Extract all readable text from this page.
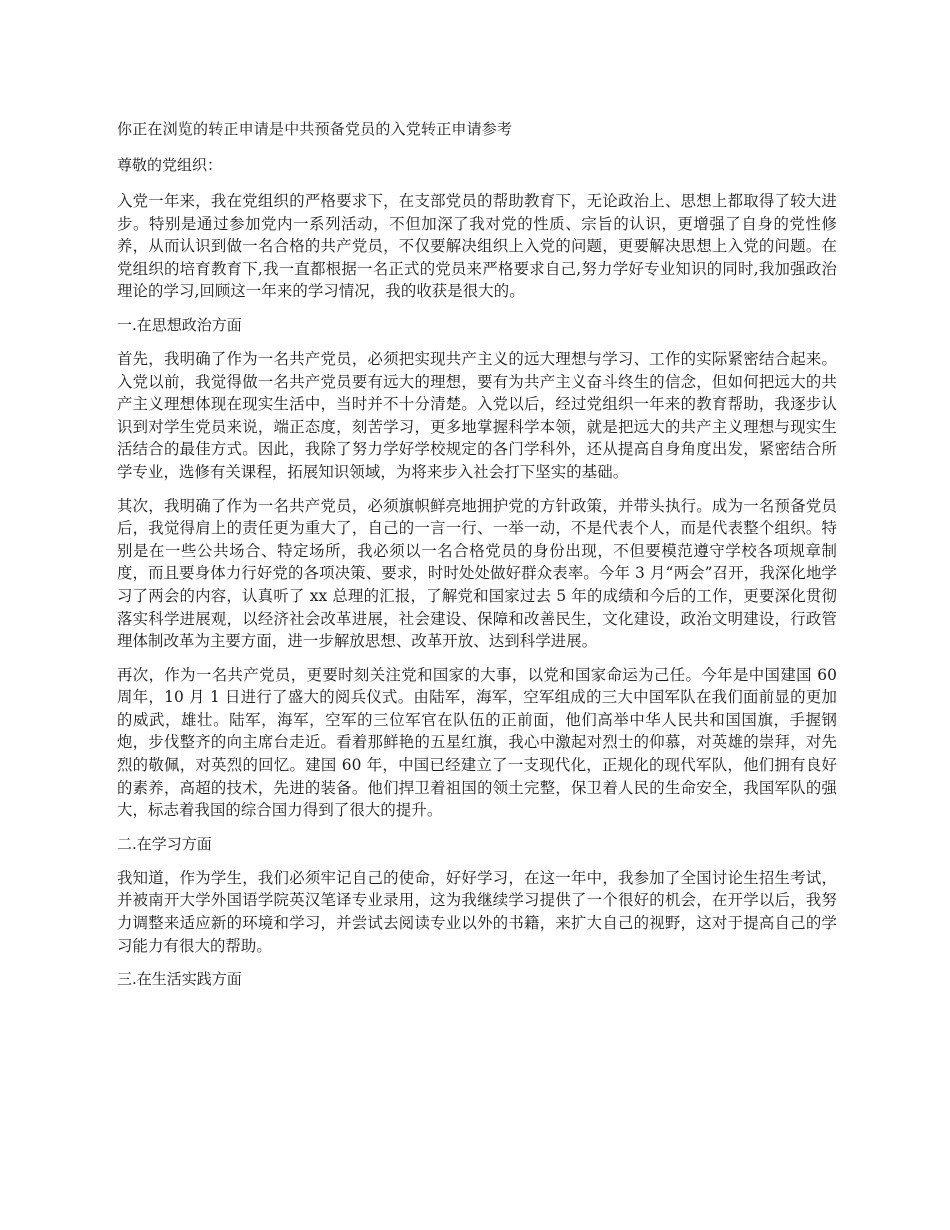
你正在浏览的转正申请是中共预备党员的入党转正申请参考
尊敬的党组织：
入党一年来，我在党组织的严格要求下，在支部党员的帮助教育下，无论政治上、思想上都取得了较大进步。特别是通过参加党内一系列活动，不但加深了我对党的性质、宗旨的认识，更增强了自身的党性修养，从而认识到做一名合格的共产党员，不仅要解决组织上入党的问题，更要解决思想上入党的问题。在党组织的培育教育下,我一直都根据一名正式的党员来严格要求自己,努力学好专业知识的同时,我加强政治理论的学习,回顾这一年来的学习情况，我的收获是很大的。
一.在思想政治方面
首先，我明确了作为一名共产党员，必须把实现共产主义的远大理想与学习、工作的实际紧密结合起来。入党以前，我觉得做一名共产党员要有远大的理想，要有为共产主义奋斗终生的信念，但如何把远大的共产主义理想体现在现实生活中，当时并不十分清楚。入党以后，经过党组织一年来的教育帮助，我逐步认识到对学生党员来说，端正态度，刻苦学习，更多地掌握科学本领，就是把远大的共产主义理想与现实生活结合的最佳方式。因此，我除了努力学好学校规定的各门学科外，还从提高自身角度出发，紧密结合所学专业，选修有关课程，拓展知识领域，为将来步入社会打下坚实的基础。
其次，我明确了作为一名共产党员，必须旗帜鲜亮地拥护党的方针政策，并带头执行。成为一名预备党员后，我觉得肩上的责任更为重大了，自己的一言一行、一举一动，不是代表个人，而是代表整个组织。特别是在一些公共场合、特定场所，我必须以一名合格党员的身份出现，不但要模范遵守学校各项规章制度，而且要身体力行好党的各项决策、要求，时时处处做好群众表率。今年 3 月“两会”召开，我深化地学习了两会的内容，认真听了 xx 总理的汇报，了解党和国家过去 5 年的成绩和今后的工作，更要深化贯彻落实科学进展观，以经济社会改革进展，社会建设、保障和改善民生，文化建设，政治文明建设，行政管理体制改革为主要方面，进一步解放思想、改革开放、达到科学进展。
再次，作为一名共产党员，更要时刻关注党和国家的大事，以党和国家命运为己任。今年是中国建国 60 周年，10 月 1 日进行了盛大的阅兵仪式。由陆军，海军，空军组成的三大中国军队在我们面前显的更加的威武，雄壮。陆军，海军，空军的三位军官在队伍的正前面，他们高举中华人民共和国国旗，手握钢炮，步伐整齐的向主席台走近。看着那鲜艳的五星红旗，我心中激起对烈士的仰慕，对英雄的崇拜，对先烈的敬佩，对英烈的回忆。建国 60 年，中国已经建立了一支现代化，正规化的现代军队，他们拥有良好的素养，高超的技术，先进的装备。他们捍卫着祖国的领土完整，保卫着人民的生命安全，我国军队的强大，标志着我国的综合国力得到了很大的提升。
二.在学习方面
我知道，作为学生，我们必须牢记自己的使命，好好学习，在这一年中，我参加了全国讨论生招生考试，并被南开大学外国语学院英汉笔译专业录用，这为我继续学习提供了一个很好的机会，在开学以后，我努力调整来适应新的环境和学习，并尝试去阅读专业以外的书籍，来扩大自己的视野，这对于提高自己的学习能力有很大的帮助。
三.在生活实践方面
